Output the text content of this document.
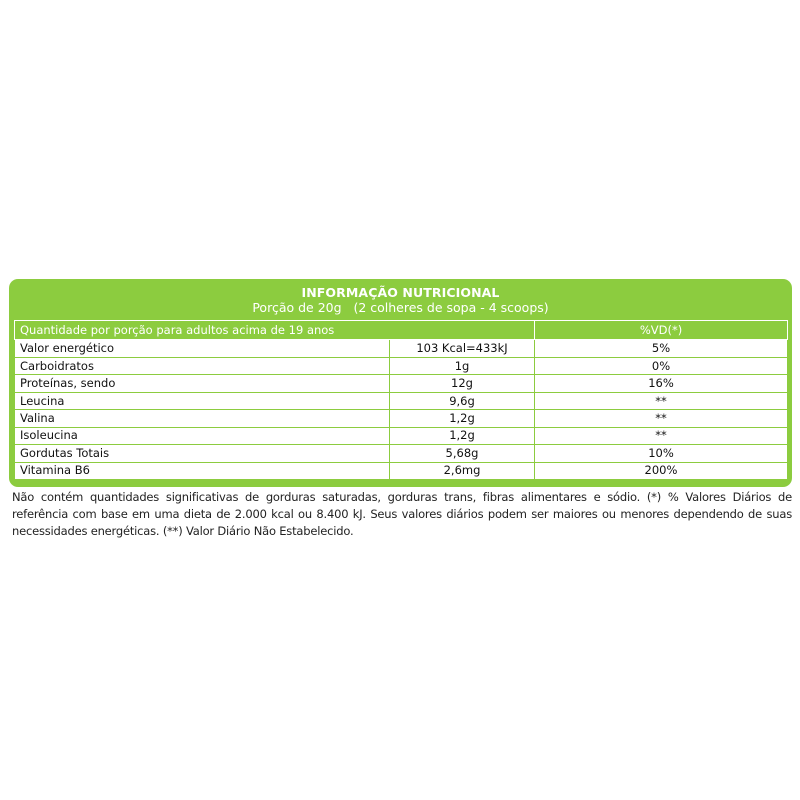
INFORMAÇÃO NUTRICIONAL
Porção de 20g   (2 colheres de sopa - 4 scoops)
Quantidade por porção para adultos acima de 19 anos		%VD(*)
Valor energético	103 Kcal=433kJ	5%
Carboidratos	1g	0%
Proteínas, sendo	12g	16%
Leucina	9,6g	**
Valina	1,2g	**
Isoleucina	1,2g	**
Gordutas Totais	5,68g	10%
Vitamina B6	2,6mg	200%
Não contém quantidades significativas de gorduras saturadas, gorduras trans, fibras alimentares e sódio. (*) % Valores Diários de referência com base em uma dieta de 2.000 kcal ou 8.400 kJ. Seus valores diários podem ser maiores ou menores dependendo de suas necessidades energéticas. (**) Valor Diário Não Estabelecido.
